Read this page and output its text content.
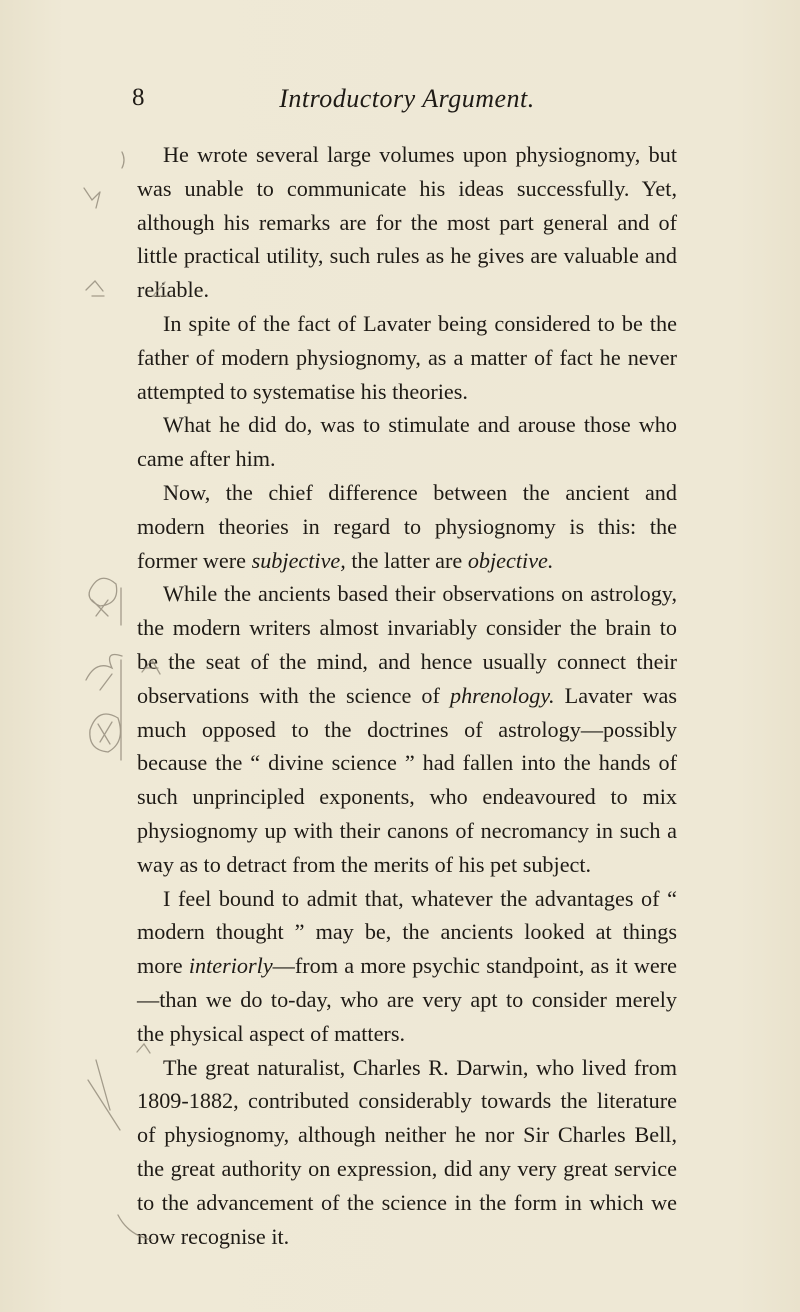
8	Introductory Argument.

He wrote several large volumes upon physiognomy, but was unable to communicate his ideas successfully. Yet, although his remarks are for the most part general and of little practical utility, such rules as he gives are valuable and reliable.

In spite of the fact of Lavater being considered to be the father of modern physiognomy, as a matter of fact he never attempted to systematise his theories.

What he did do, was to stimulate and arouse those who came after him.

Now, the chief difference between the ancient and modern theories in regard to physiognomy is this: the former were subjective, the latter are objective.

While the ancients based their observations on astrology, the modern writers almost invariably consider the brain to be the seat of the mind, and hence usually connect their observations with the science of phrenology. Lavater was much opposed to the doctrines of astrology—possibly because the “ divine science ” had fallen into the hands of such unprincipled exponents, who endeavoured to mix physiognomy up with their canons of necromancy in such a way as to detract from the merits of his pet subject.

I feel bound to admit that, whatever the advantages of “ modern thought ” may be, the ancients looked at things more interiorly—from a more psychic standpoint, as it were—than we do to-day, who are very apt to consider merely the physical aspect of matters.

The great naturalist, Charles R. Darwin, who lived from 1809-1882, contributed considerably towards the literature of physiognomy, although neither he nor Sir Charles Bell, the great authority on expression, did any very great service to the advancement of the science in the form in which we now recognise it.
